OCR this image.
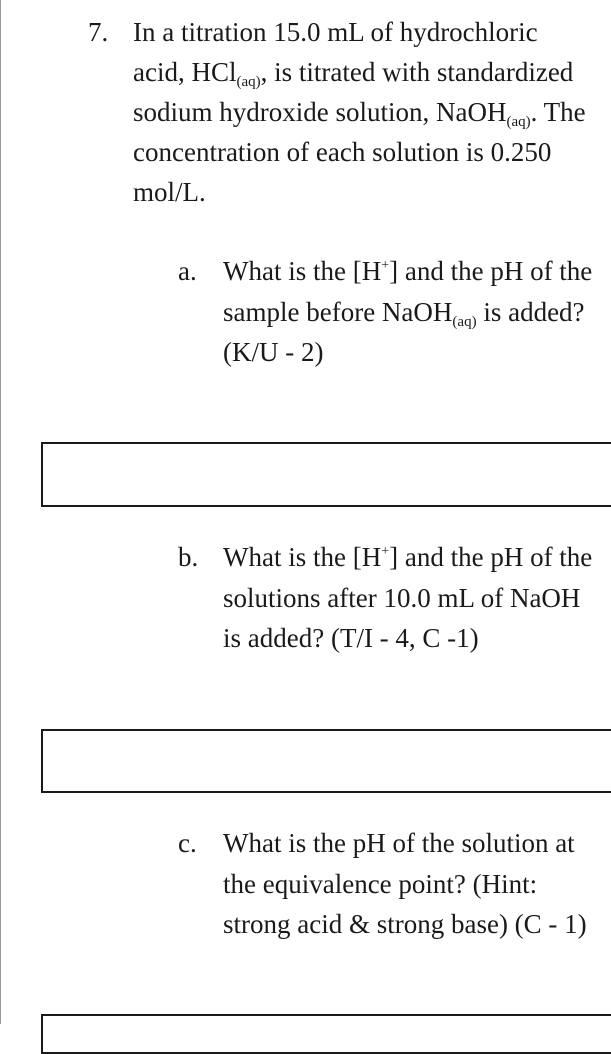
7. In a titration 15.0 mL of hydrochloric acid, HCl$_{(aq)}$, is titrated with standardized sodium hydroxide solution, NaOH$_{(aq)}$. The concentration of each solution is 0.250 mol/L.

a. What is the [H+] and the pH of the sample before NaOH$_{(aq)}$ is added? (K/U - 2)

b. What is the [H+] and the pH of the solutions after 10.0 mL of NaOH is added? (T/I - 4, C -1)

c. What is the pH of the solution at the equivalence point? (Hint: strong acid & strong base) (C - 1)
